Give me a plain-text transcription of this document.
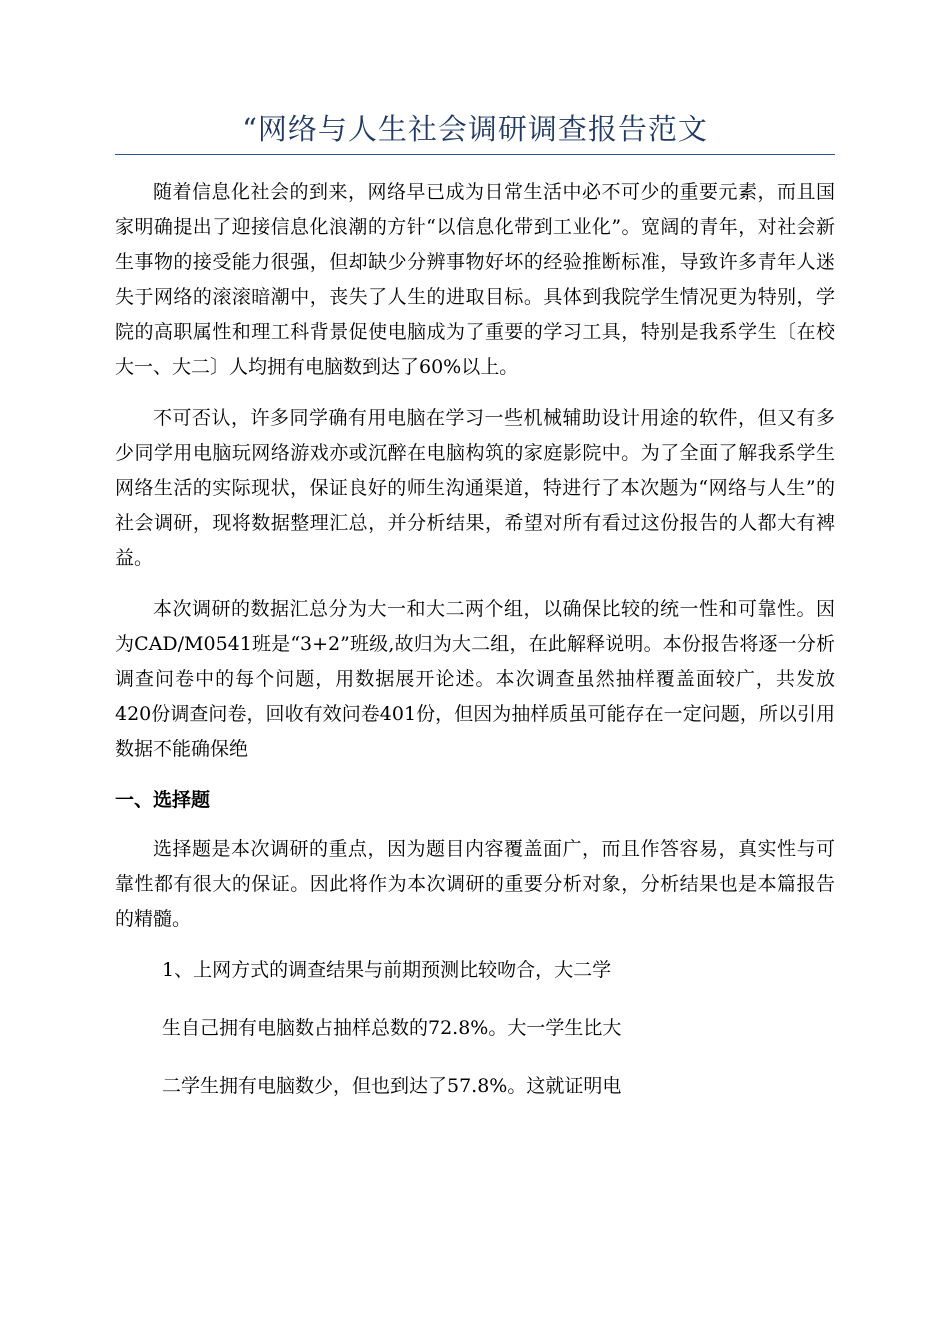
“网络与人生社会调研调查报告范文

随着信息化社会的到来，网络早已成为日常生活中必不可少的重要元素，而且国家明确提出了迎接信息化浪潮的方针“以信息化带到工业化”。宽阔的青年，对社会新生事物的接受能力很强，但却缺少分辨事物好坏的经验推断标准，导致许多青年人迷失于网络的滚滚暗潮中，丧失了人生的进取目标。具体到我院学生情况更为特别，学院的高职属性和理工科背景促使电脑成为了重要的学习工具，特别是我系学生〔在校大一、大二〕人均拥有电脑数到达了60%以上。

不可否认，许多同学确有用电脑在学习一些机械辅助设计用途的软件，但又有多少同学用电脑玩网络游戏亦或沉醉在电脑构筑的家庭影院中。为了全面了解我系学生网络生活的实际现状，保证良好的师生沟通渠道，特进行了本次题为“网络与人生”的社会调研，现将数据整理汇总，并分析结果，希望对所有看过这份报告的人都大有裨益。

本次调研的数据汇总分为大一和大二两个组，以确保比较的统一性和可靠性。因为CAD/M0541班是“3+2”班级,故归为大二组，在此解释说明。本份报告将逐一分析调查问卷中的每个问题，用数据展开论述。本次调查虽然抽样覆盖面较广，共发放420份调查问卷，回收有效问卷401份，但因为抽样质虽可能存在一定问题，所以引用数据不能确保绝

一、选择题

选择题是本次调研的重点，因为题目内容覆盖面广，而且作答容易，真实性与可靠性都有很大的保证。因此将作为本次调研的重要分析对象，分析结果也是本篇报告的精髓。

1、上网方式的调查结果与前期预测比较吻合，大二学
生自己拥有电脑数占抽样总数的72.8%。大一学生比大
二学生拥有电脑数少，但也到达了57.8%。这就证明电
